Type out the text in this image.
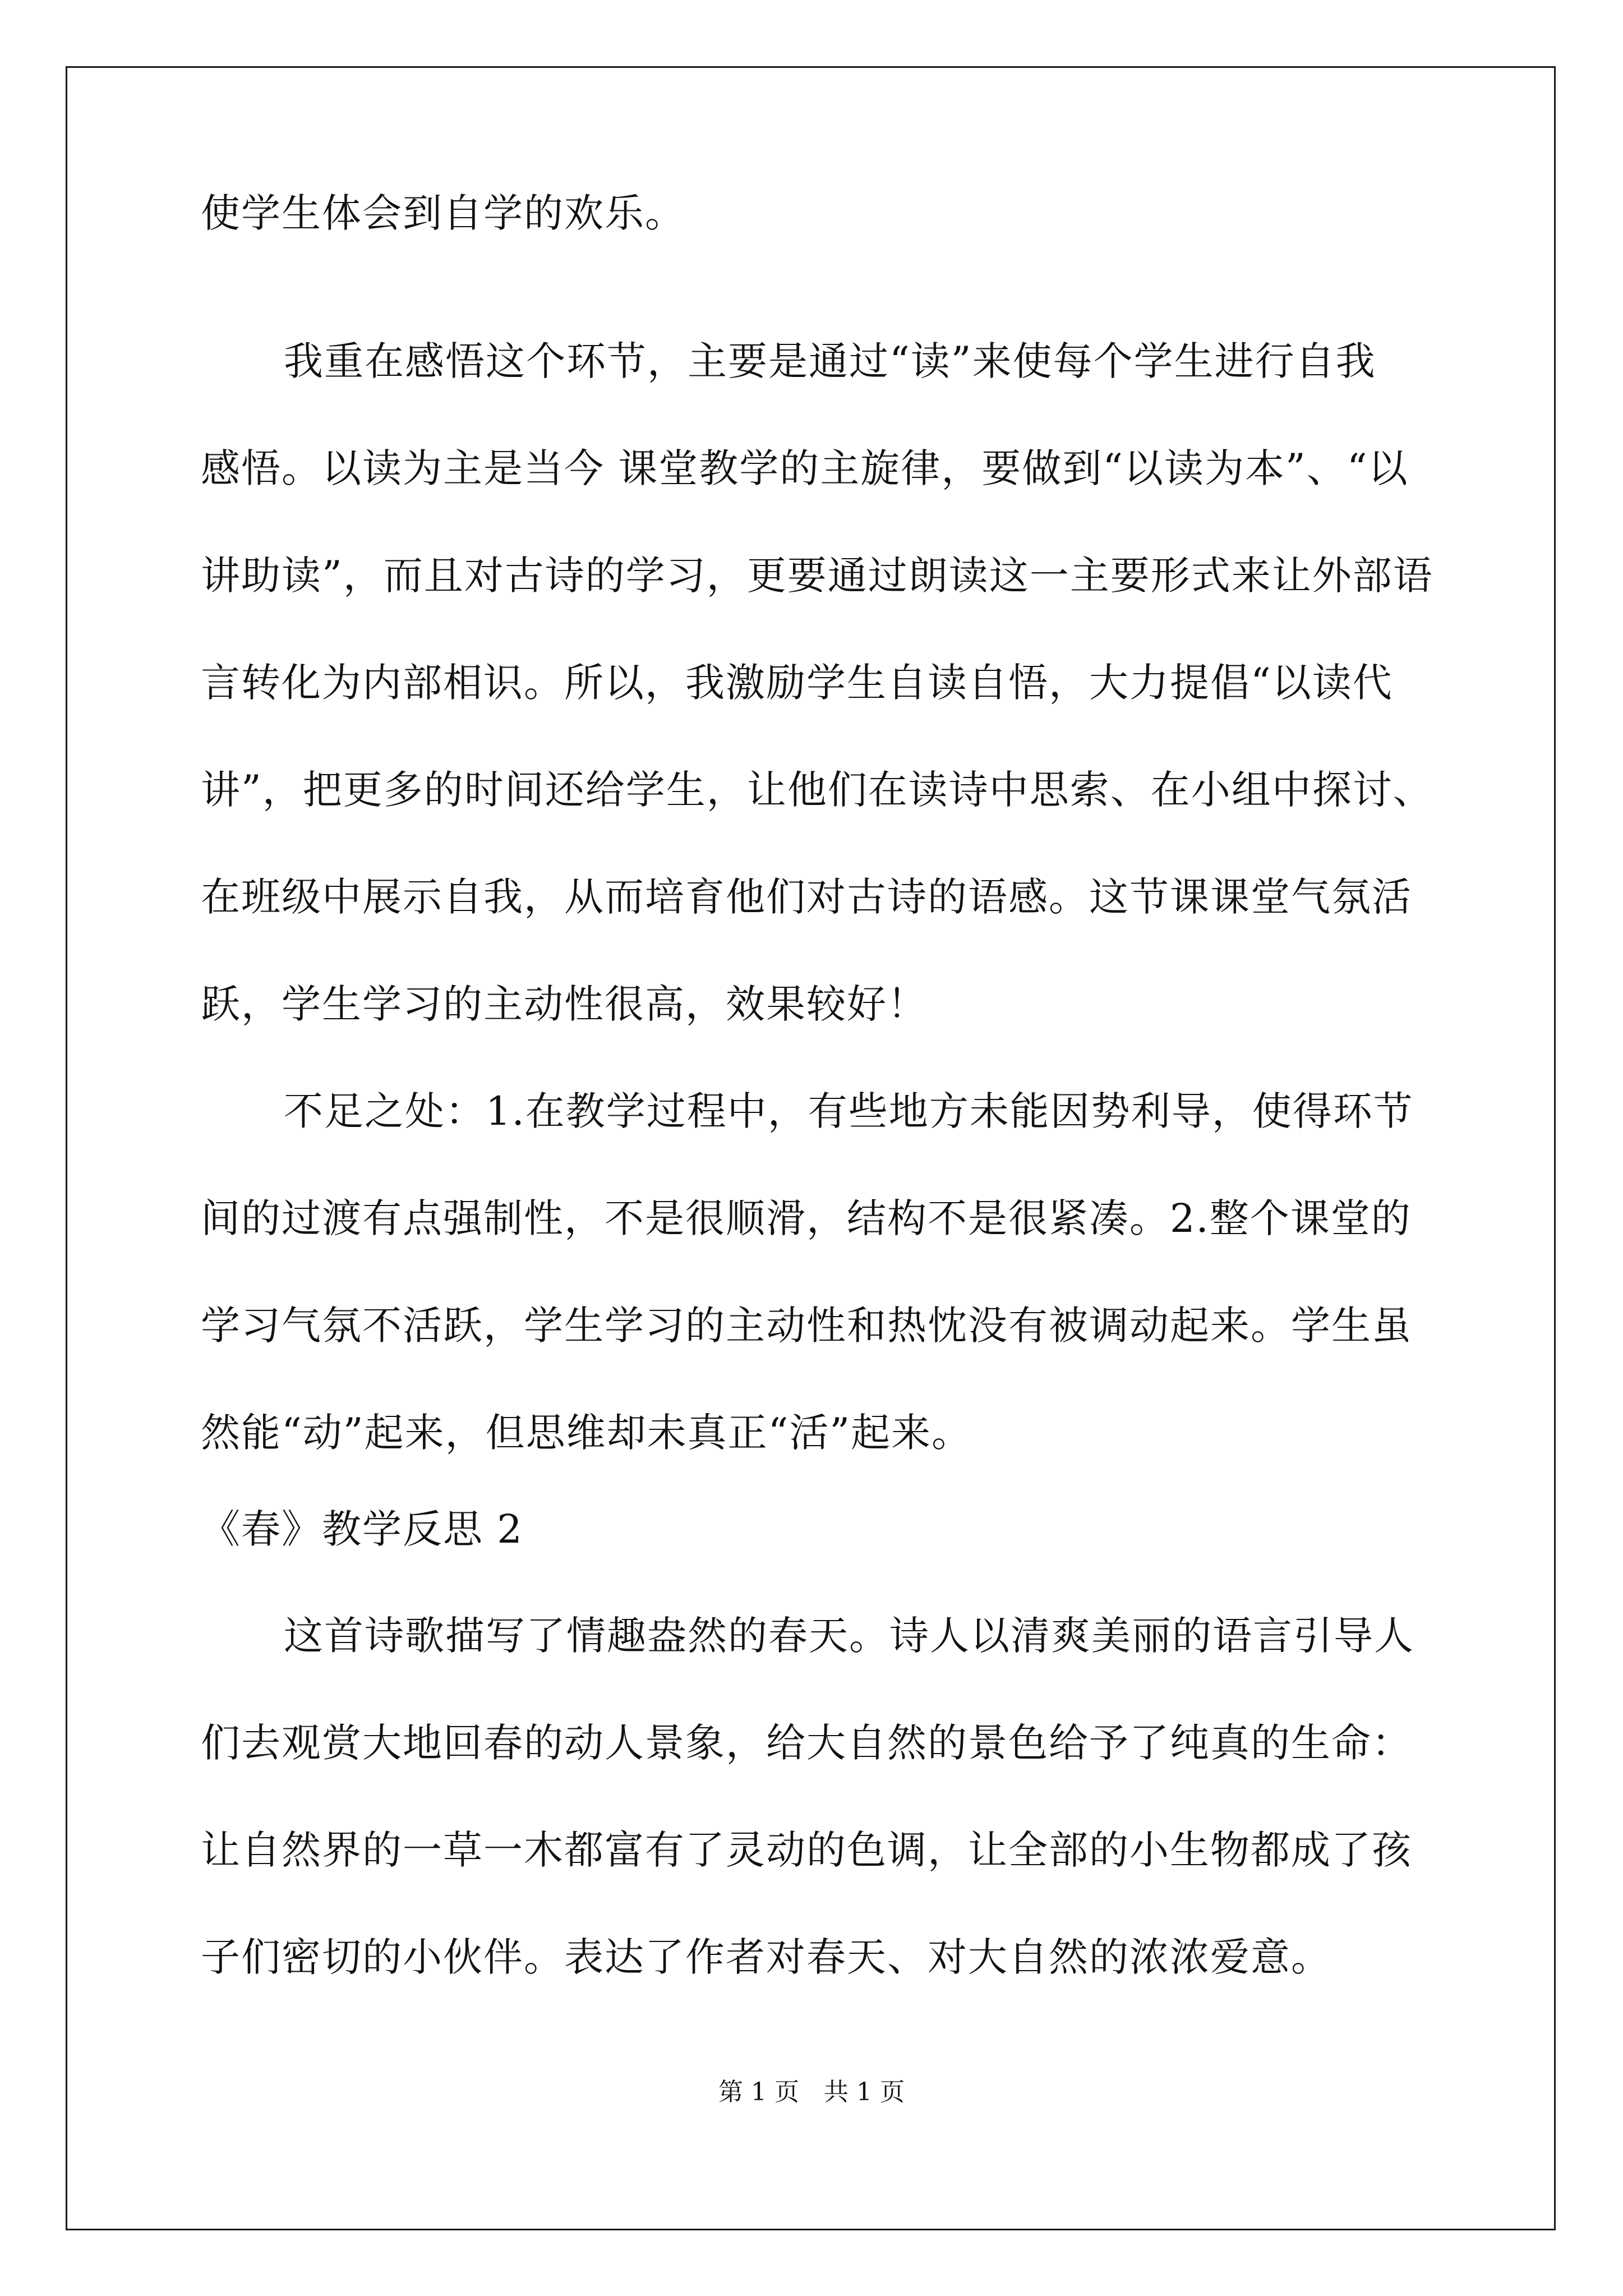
使学生体会到自学的欢乐。
我重在感悟这个环节，主要是通过“读”来使每个学生进行自我
感悟。以读为主是当今 课堂教学的主旋律，要做到“以读为本”、“以
讲助读”，而且对古诗的学习，更要通过朗读这一主要形式来让外部语
言转化为内部相识。所以，我激励学生自读自悟，大力提倡“以读代
讲”，把更多的时间还给学生，让他们在读诗中思索、在小组中探讨、
在班级中展示自我，从而培育他们对古诗的语感。这节课课堂气氛活
跃，学生学习的主动性很高，效果较好！
不足之处：1.在教学过程中，有些地方未能因势利导，使得环节
间的过渡有点强制性，不是很顺滑，结构不是很紧凑。2.整个课堂的
学习气氛不活跃，学生学习的主动性和热忱没有被调动起来。学生虽
然能“动”起来，但思维却未真正“活”起来。
《春》教学反思 2
这首诗歌描写了情趣盎然的春天。诗人以清爽美丽的语言引导人
们去观赏大地回春的动人景象，给大自然的景色给予了纯真的生命：
让自然界的一草一木都富有了灵动的色调，让全部的小生物都成了孩
子们密切的小伙伴。表达了作者对春天、对大自然的浓浓爱意。
第 1 页　共 1 页
